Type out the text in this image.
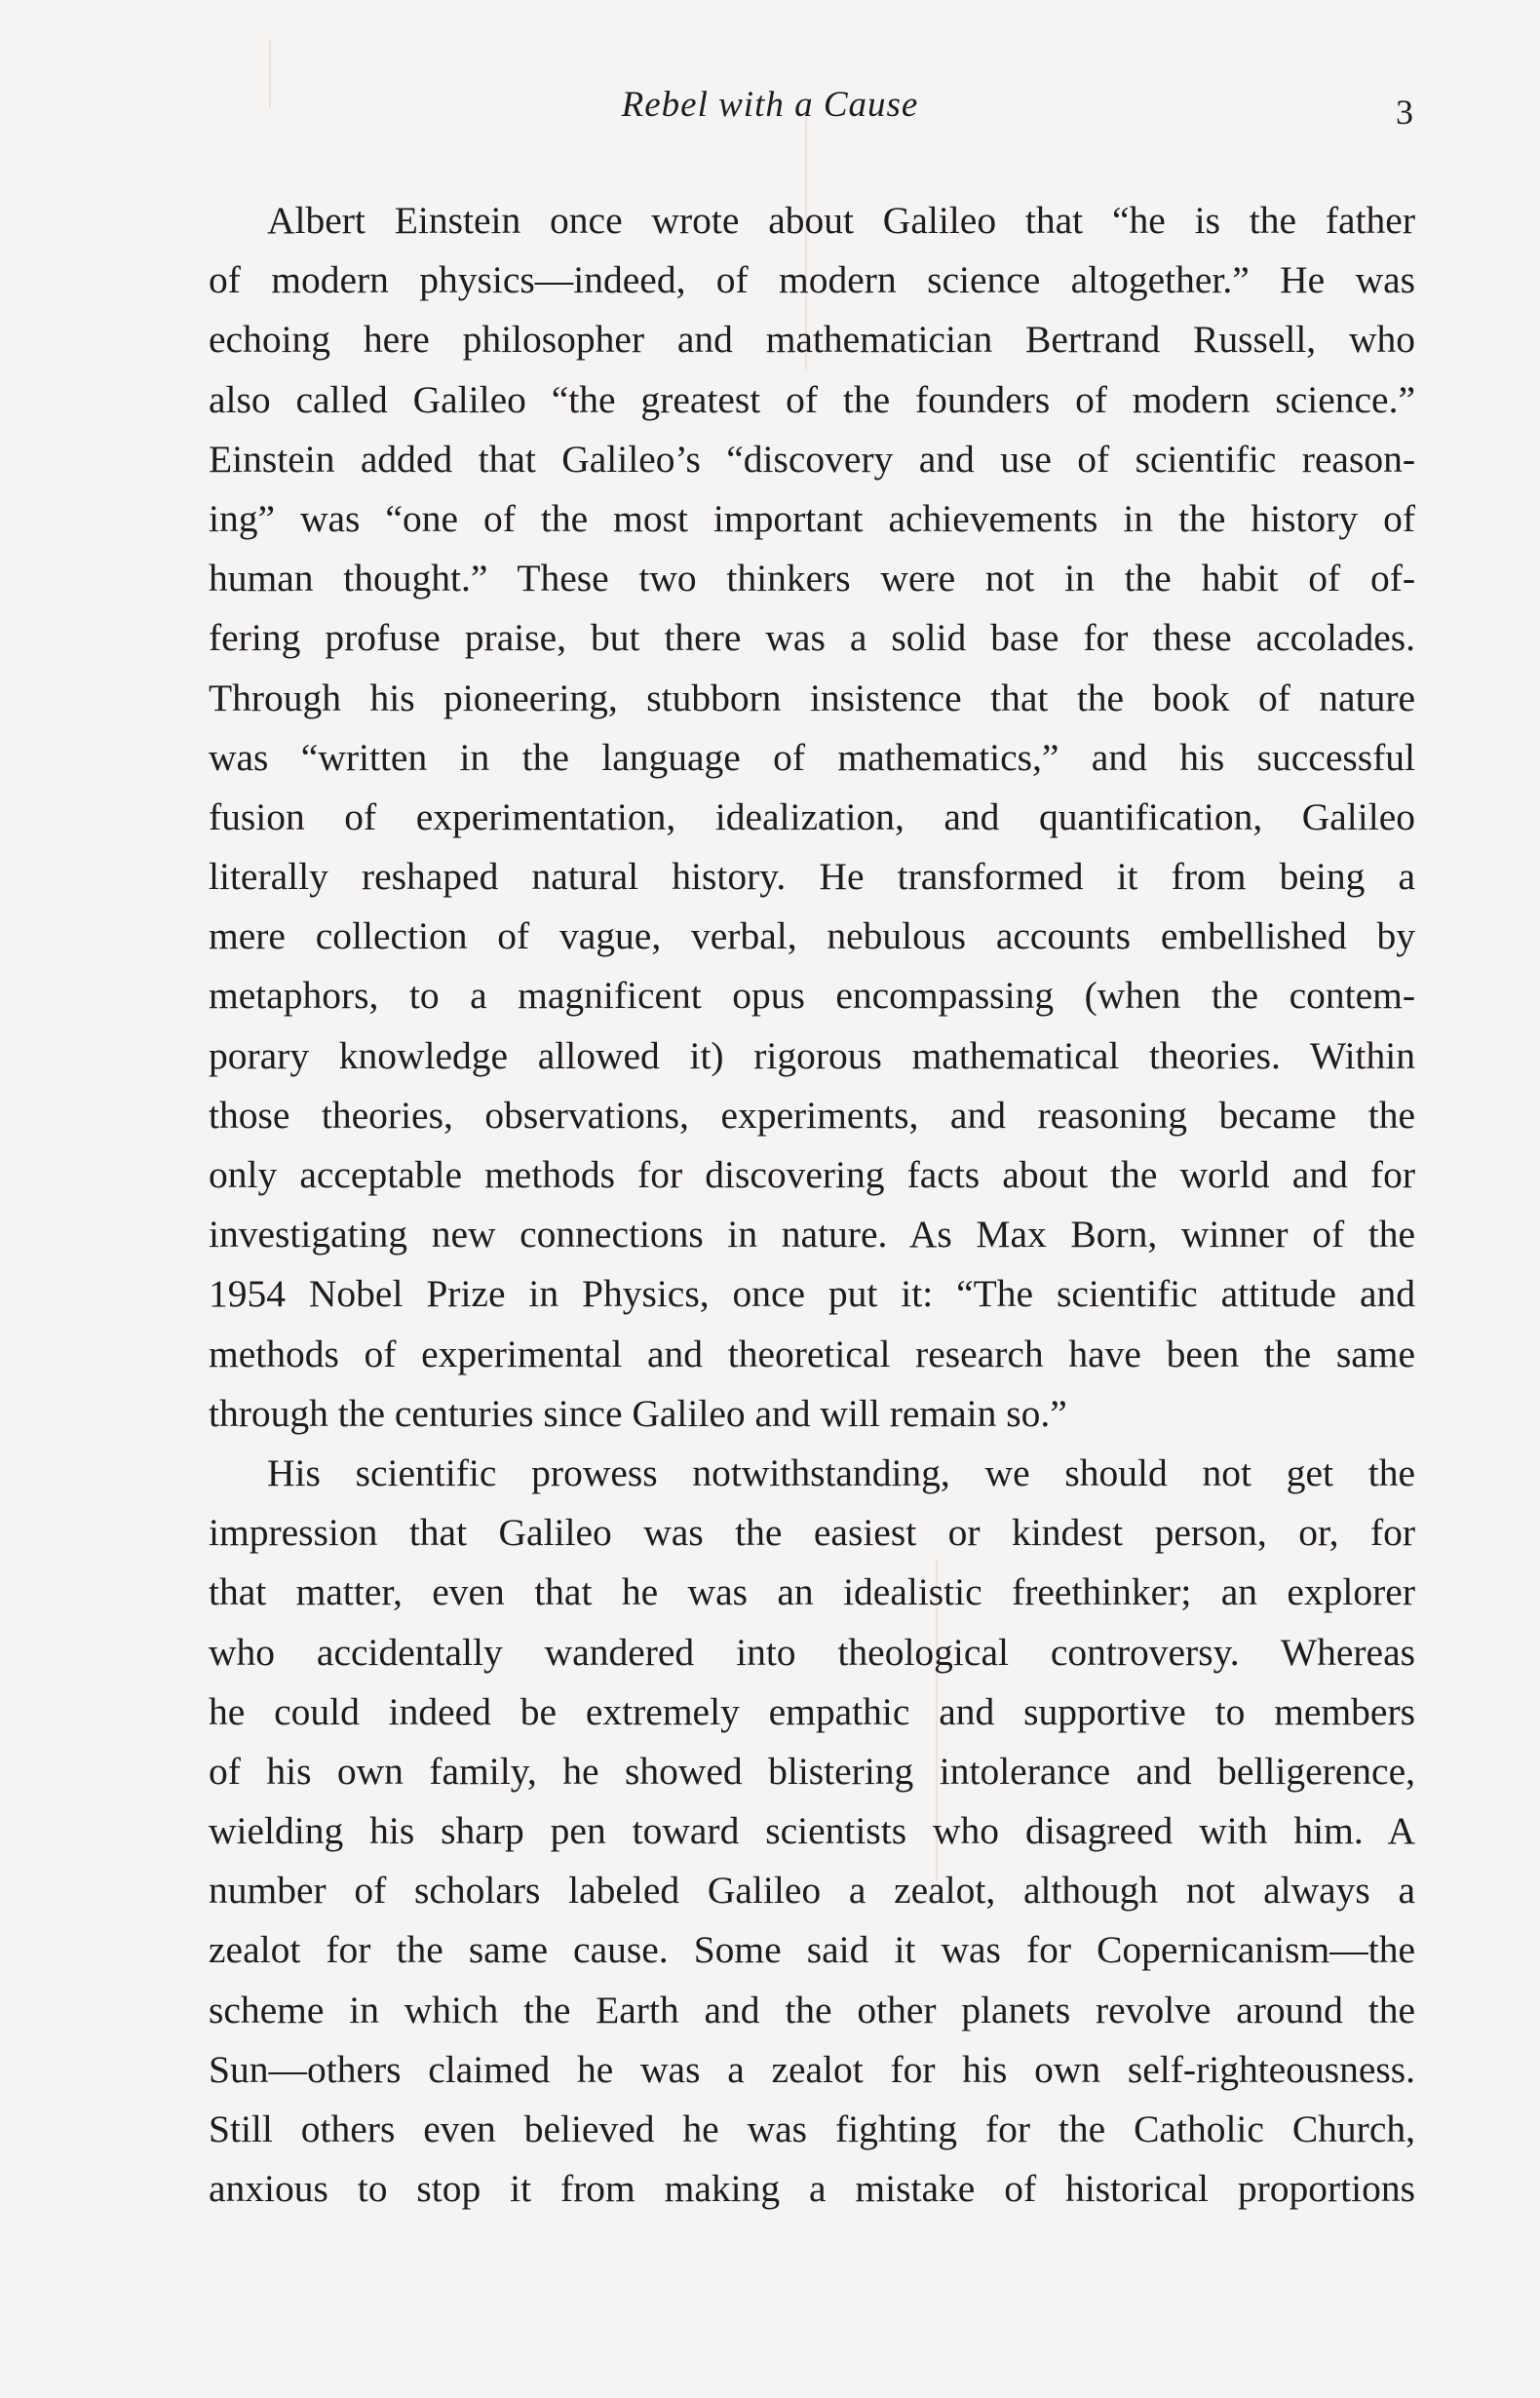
Rebel with a Cause	3
Albert Einstein once wrote about Galileo that “he is the father
of modern physics—indeed, of modern science altogether.” He was
echoing here philosopher and mathematician Bertrand Russell, who
also called Galileo “the greatest of the founders of modern science.”
Einstein added that Galileo’s “discovery and use of scientific reason-
ing” was “one of the most important achievements in the history of
human thought.” These two thinkers were not in the habit of of-
fering profuse praise, but there was a solid base for these accolades.
Through his pioneering, stubborn insistence that the book of nature
was “written in the language of mathematics,” and his successful
fusion of experimentation, idealization, and quantification, Galileo
literally reshaped natural history. He transformed it from being a
mere collection of vague, verbal, nebulous accounts embellished by
metaphors, to a magnificent opus encompassing (when the contem-
porary knowledge allowed it) rigorous mathematical theories. Within
those theories, observations, experiments, and reasoning became the
only acceptable methods for discovering facts about the world and for
investigating new connections in nature. As Max Born, winner of the
1954 Nobel Prize in Physics, once put it: “The scientific attitude and
methods of experimental and theoretical research have been the same
through the centuries since Galileo and will remain so.”
His scientific prowess notwithstanding, we should not get the
impression that Galileo was the easiest or kindest person, or, for
that matter, even that he was an idealistic freethinker; an explorer
who accidentally wandered into theological controversy. Whereas
he could indeed be extremely empathic and supportive to members
of his own family, he showed blistering intolerance and belligerence,
wielding his sharp pen toward scientists who disagreed with him. A
number of scholars labeled Galileo a zealot, although not always a
zealot for the same cause. Some said it was for Copernicanism—the
scheme in which the Earth and the other planets revolve around the
Sun—others claimed he was a zealot for his own self-righteousness.
Still others even believed he was fighting for the Catholic Church,
anxious to stop it from making a mistake of historical proportions
